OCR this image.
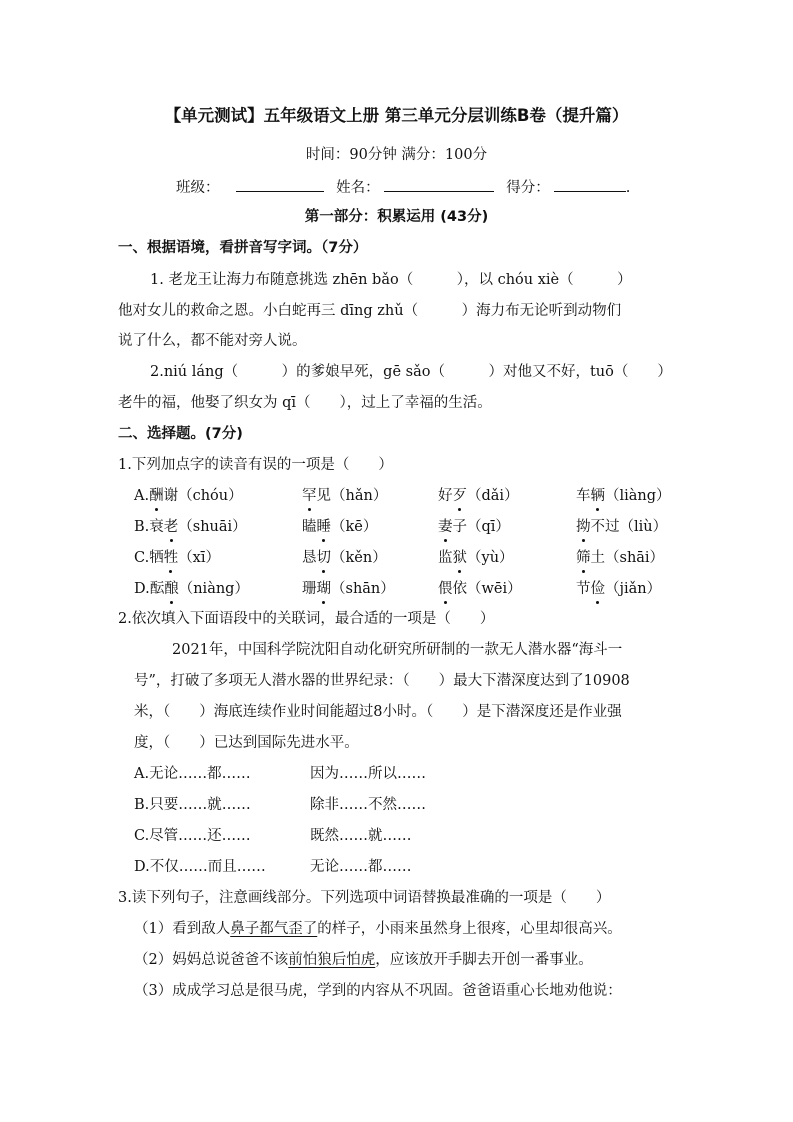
【单元测试】五年级语文上册 第三单元分层训练B卷（提升篇）
时间：90分钟 满分：100分
班级：	姓名：	得分：	.
第一部分：积累运用 (43分)
一、根据语境，看拼音写字词。（7分）
1. 老龙王让海力布随意挑选 zhēn bǎo（　　　），以 chóu xiè（　　　）
他对女儿的救命之恩。小白蛇再三 dīng zhǔ（　　　）海力布无论听到动物们
说了什么，都不能对旁人说。
2.niú láng（　　　）的爹娘早死，gē sǎo（　　　）对他又不好，tuō（　　）
老牛的福，他娶了织女为 qī（　　），过上了幸福的生活。
二、选择题。(7分)
1.下列加点字的读音有误的一项是（　　）
A.酬谢（chóu）	罕见（hǎn）	好歹（dǎi）	车辆（liàng）
B.衰老（shuāi）	瞌睡（kē）	妻子（qī）	拗不过（liù）
C.牺牲（xī）	恳切（kěn）	监狱（yù）	筛土（shāi）
D.酝酿（niàng）	珊瑚（shān）	偎依（wēi）	节俭（jiǎn）
2.依次填入下面语段中的关联词，最合适的一项是（　　）
2021年，中国科学院沈阳自动化研究所研制的一款无人潜水器“海斗一
号”，打破了多项无人潜水器的世界纪录：（　　）最大下潜深度达到了10908
米，（　　）海底连续作业时间能超过8小时。（　　）是下潜深度还是作业强
度，（　　）已达到国际先进水平。
A.无论……都……	因为……所以……
B.只要……就……	除非……不然……
C.尽管……还……	既然……就……
D.不仅……而且……	无论……都……
3.读下列句子，注意画线部分。下列选项中词语替换最准确的一项是（　　）
（1）看到敌人鼻子都气歪了的样子，小雨来虽然身上很疼，心里却很高兴。
（2）妈妈总说爸爸不该前怕狼后怕虎，应该放开手脚去开创一番事业。
（3）成成学习总是很马虎，学到的内容从不巩固。爸爸语重心长地劝他说：
